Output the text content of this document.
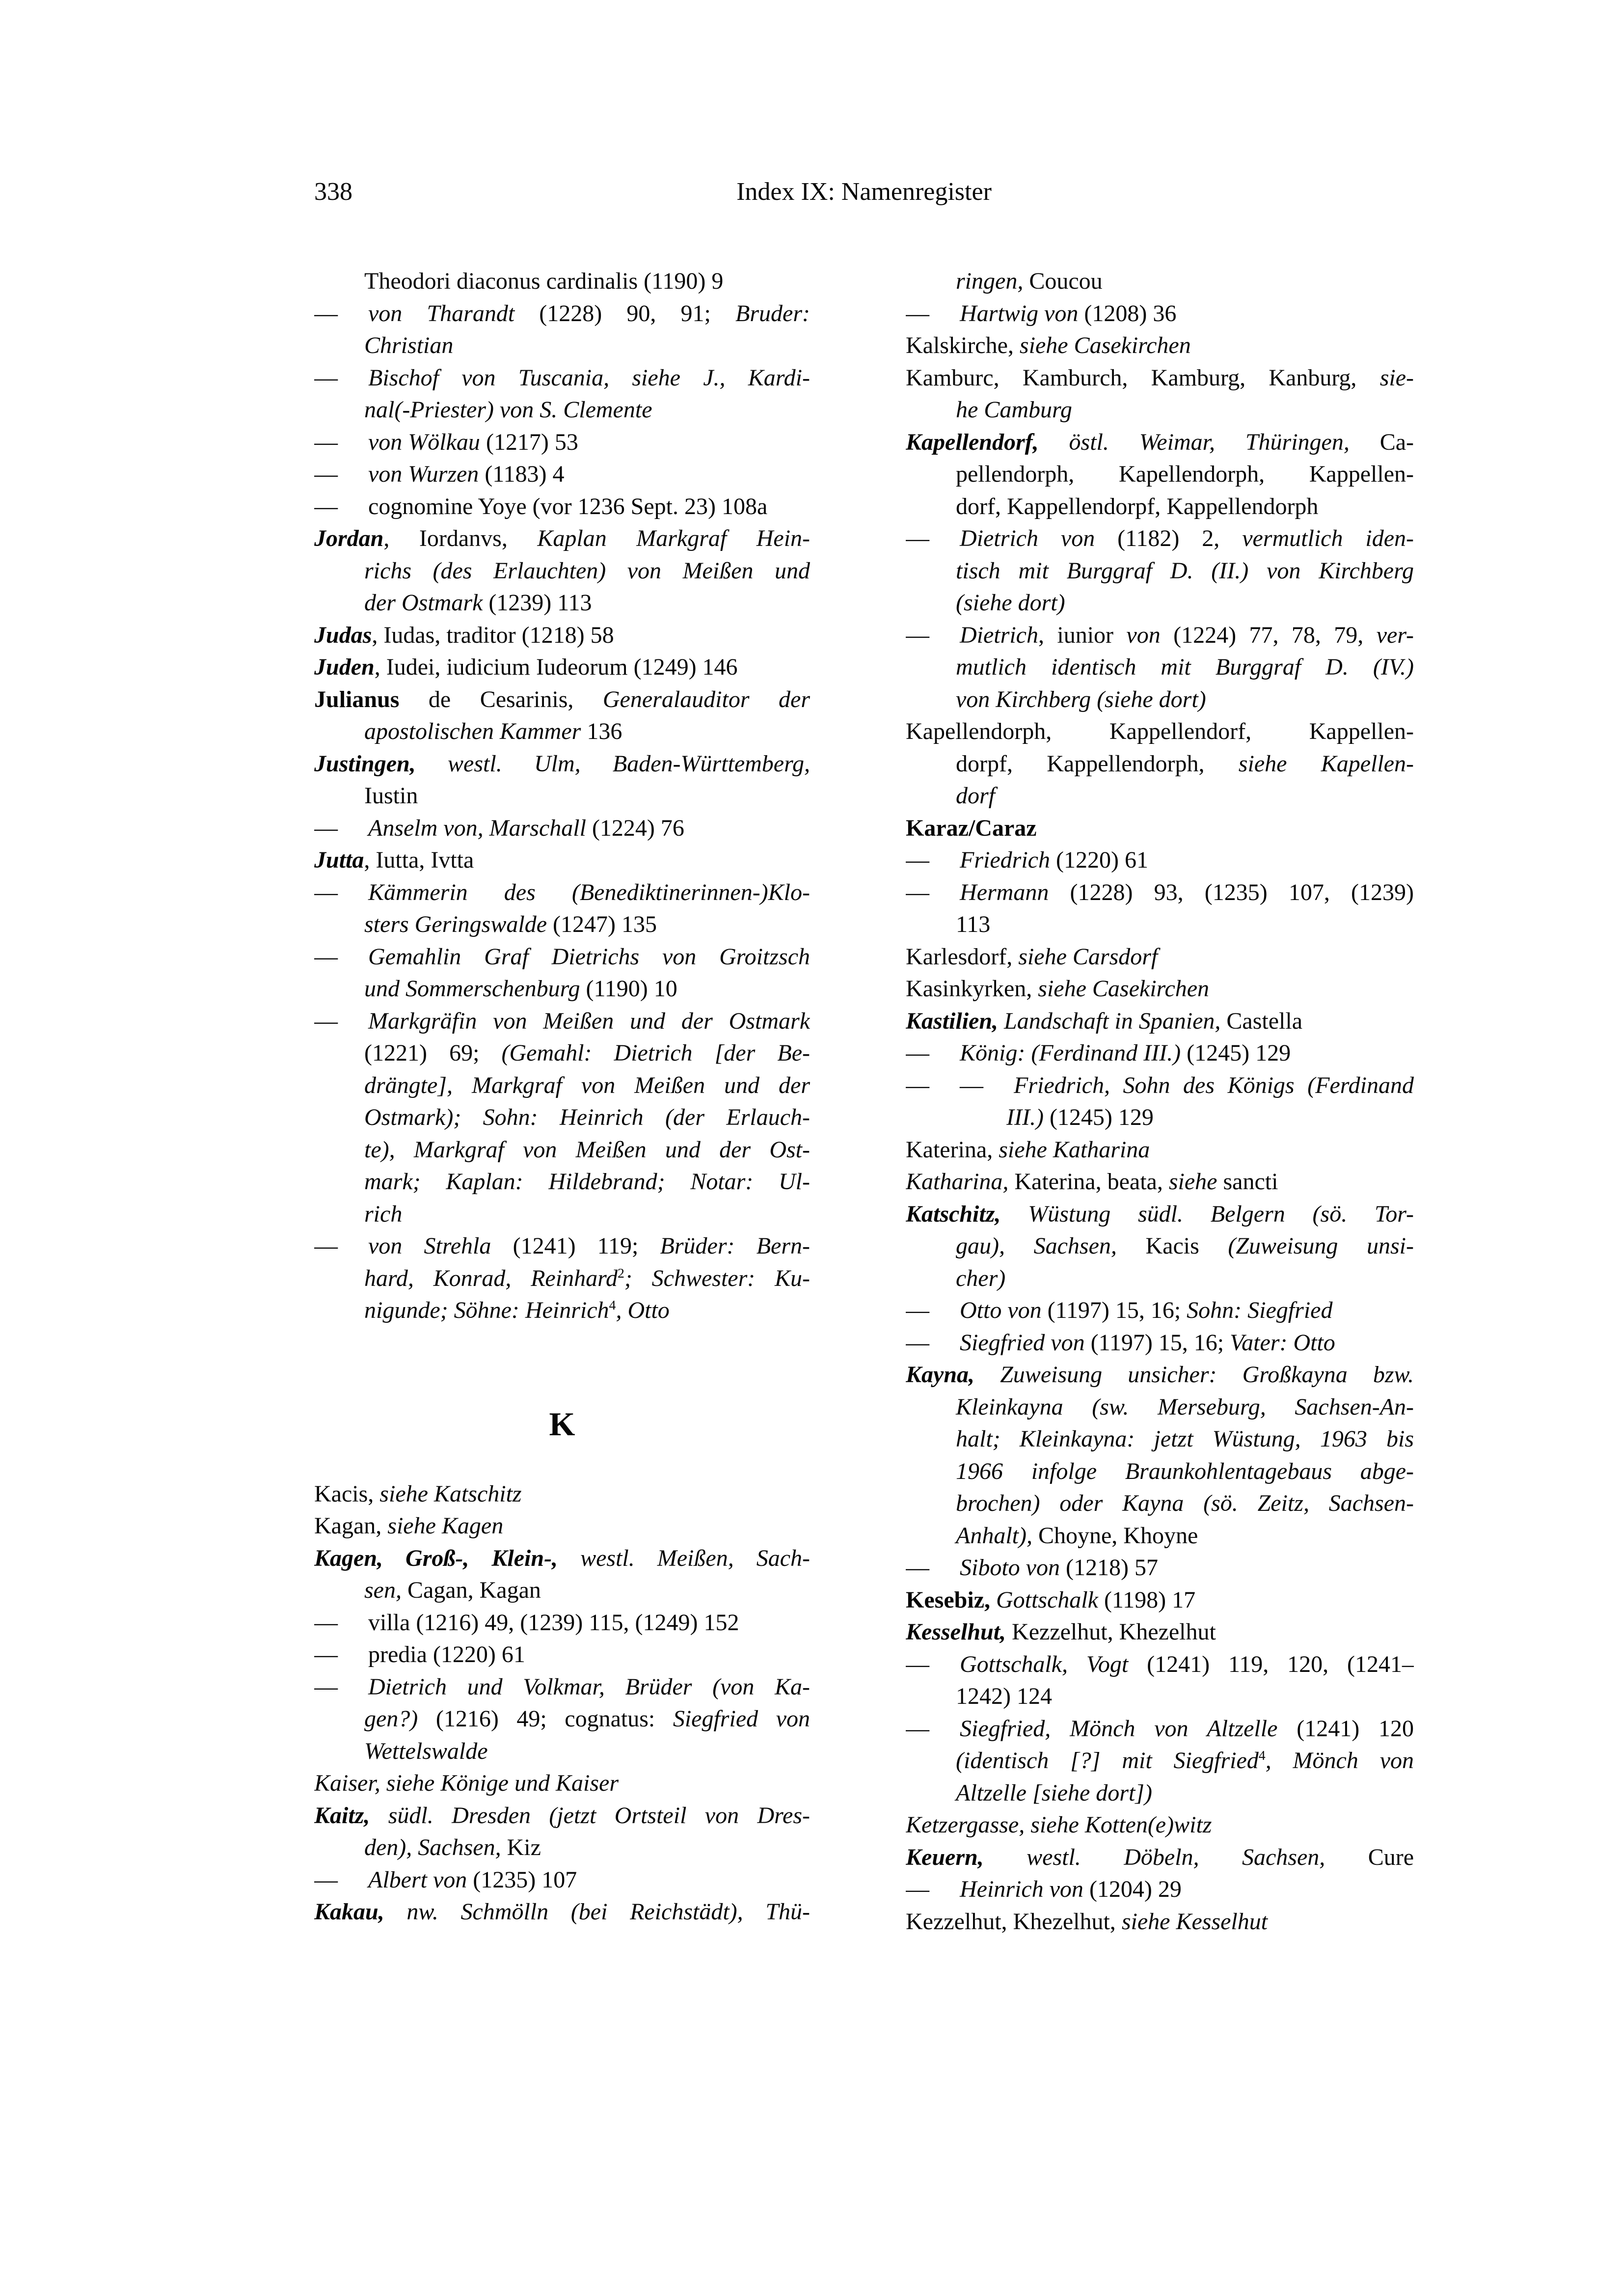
338	Index IX: Namenregister
Theodori diaconus cardinalis (1190) 9
— von Tharandt (1228) 90, 91; Bruder:
Christian
— Bischof von Tuscania, siehe J., Kardi-
nal(-Priester) von S. Clemente
— von Wölkau (1217) 53
— von Wurzen (1183) 4
— cognomine Yoye (vor 1236 Sept. 23) 108a
Jordan, Iordanvs, Kaplan Markgraf Hein-
richs (des Erlauchten) von Meißen und
der Ostmark (1239) 113
Judas, Iudas, traditor (1218) 58
Juden, Iudei, iudicium Iudeorum (1249) 146
Julianus de Cesarinis, Generalauditor der
apostolischen Kammer 136
Justingen, westl. Ulm, Baden-Württemberg,
Iustin
— Anselm von, Marschall (1224) 76
Jutta, Iutta, Ivtta
— Kämmerin des (Benediktinerinnen-)Klo-
sters Geringswalde (1247) 135
— Gemahlin Graf Dietrichs von Groitzsch
und Sommerschenburg (1190) 10
— Markgräfin von Meißen und der Ostmark
(1221) 69; (Gemahl: Dietrich [der Be-
drängte], Markgraf von Meißen und der
Ostmark); Sohn: Heinrich (der Erlauch-
te), Markgraf von Meißen und der Ost-
mark; Kaplan: Hildebrand; Notar: Ul-
rich
— von Strehla (1241) 119; Brüder: Bern-
hard, Konrad, Reinhard$^2$; Schwester: Ku-
nigunde; Söhne: Heinrich$^4$, Otto
K
Kacis, siehe Katschitz
Kagan, siehe Kagen
Kagen, Groß-, Klein-, westl. Meißen, Sach-
sen, Cagan, Kagan
— villa (1216) 49, (1239) 115, (1249) 152
— predia (1220) 61
— Dietrich und Volkmar, Brüder (von Ka-
gen?) (1216) 49; cognatus: Siegfried von
Wettelswalde
Kaiser, siehe Könige und Kaiser
Kaitz, südl. Dresden (jetzt Ortsteil von Dres-
den), Sachsen, Kiz
— Albert von (1235) 107
Kakau, nw. Schmölln (bei Reichstädt), Thü-
ringen, Coucou
— Hartwig von (1208) 36
Kalskirche, siehe Casekirchen
Kamburc, Kamburch, Kamburg, Kanburg, sie-
he Camburg
Kapellendorf, östl. Weimar, Thüringen, Ca-
pellendorph, Kapellendorph, Kappellen-
dorf, Kappellendorpf, Kappellendorph
— Dietrich von (1182) 2, vermutlich iden-
tisch mit Burggraf D. (II.) von Kirchberg
(siehe dort)
— Dietrich, iunior von (1224) 77, 78, 79, ver-
mutlich identisch mit Burggraf D. (IV.)
von Kirchberg (siehe dort)
Kapellendorph, Kappellendorf, Kappellen-
dorpf, Kappellendorph, siehe Kapellen-
dorf
Karaz/Caraz
— Friedrich (1220) 61
— Hermann (1228) 93, (1235) 107, (1239)
113
Karlesdorf, siehe Carsdorf
Kasinkyrken, siehe Casekirchen
Kastilien, Landschaft in Spanien, Castella
— König: (Ferdinand III.) (1245) 129
— — Friedrich, Sohn des Königs (Ferdinand
III.) (1245) 129
Katerina, siehe Katharina
Katharina, Katerina, beata, siehe sancti
Katschitz, Wüstung südl. Belgern (sö. Tor-
gau), Sachsen, Kacis (Zuweisung unsi-
cher)
— Otto von (1197) 15, 16; Sohn: Siegfried
— Siegfried von (1197) 15, 16; Vater: Otto
Kayna, Zuweisung unsicher: Großkayna bzw.
Kleinkayna (sw. Merseburg, Sachsen-An-
halt; Kleinkayna: jetzt Wüstung, 1963 bis
1966 infolge Braunkohlentagebaus abge-
brochen) oder Kayna (sö. Zeitz, Sachsen-
Anhalt), Choyne, Khoyne
— Siboto von (1218) 57
Kesebiz, Gottschalk (1198) 17
Kesselhut, Kezzelhut, Khezelhut
— Gottschalk, Vogt (1241) 119, 120, (1241–
1242) 124
— Siegfried, Mönch von Altzelle (1241) 120
(identisch [?] mit Siegfried$^4$, Mönch von
Altzelle [siehe dort])
Ketzergasse, siehe Kotten(e)witz
Keuern, westl. Döbeln, Sachsen, Cure
— Heinrich von (1204) 29
Kezzelhut, Khezelhut, siehe Kesselhut
